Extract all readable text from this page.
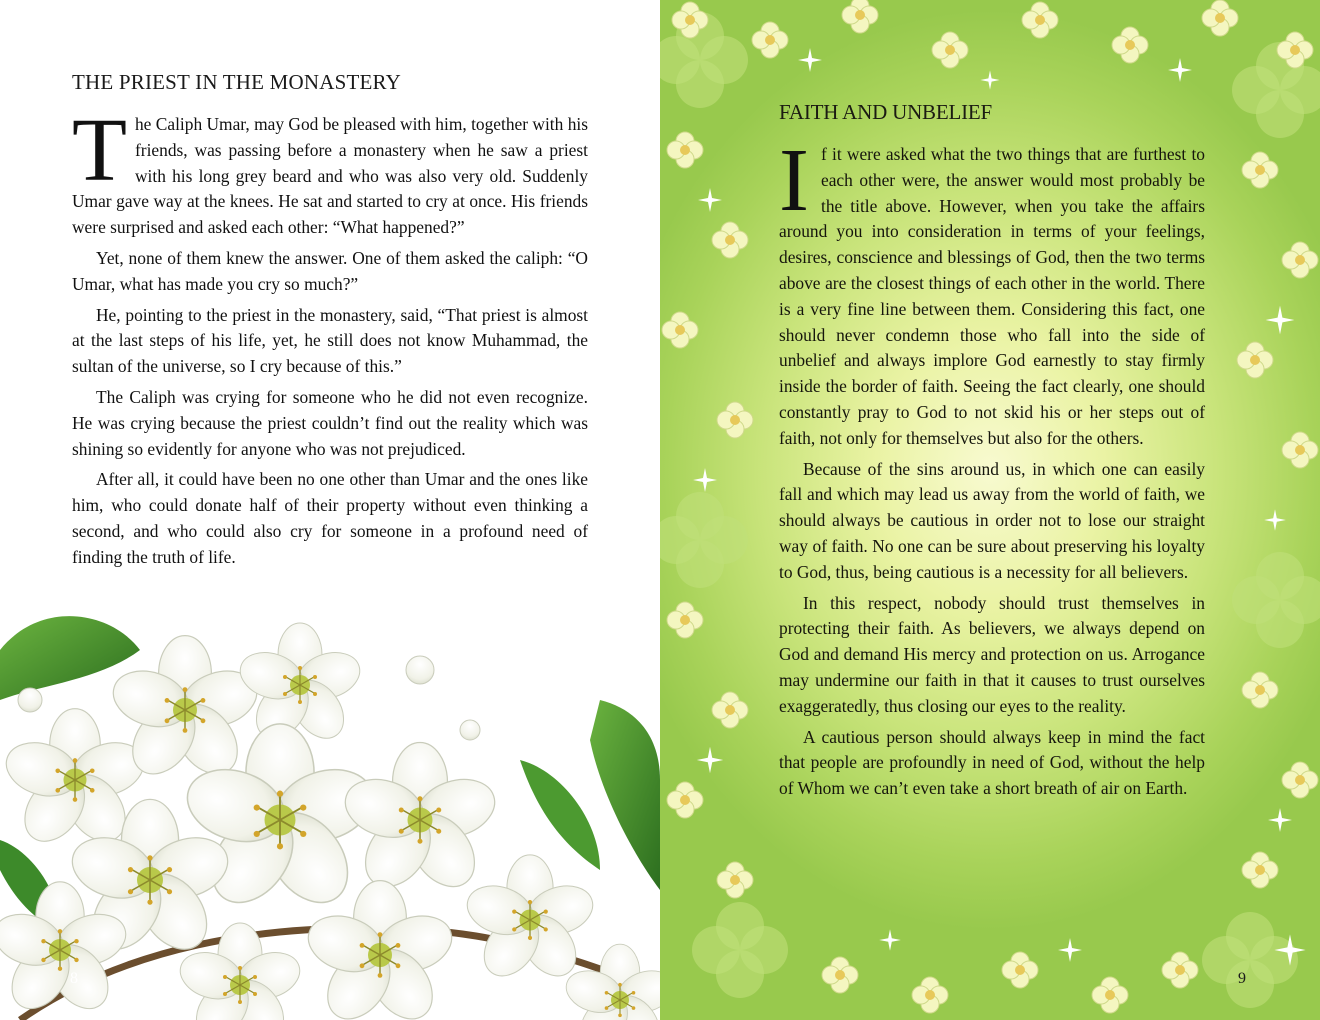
THE PRIEST IN THE MONASTERY

The Caliph Umar, may God be pleased with him, together with his friends, was passing before a monastery when he saw a priest with his long grey beard and who was also very old. Suddenly Umar gave way at the knees. He sat and started to cry at once. His friends were surprised and asked each other: “What happened?”

Yet, none of them knew the answer. One of them asked the caliph: “O Umar, what has made you cry so much?”

He, pointing to the priest in the monastery, said, “That priest is almost at the last steps of his life, yet, he still does not know Muhammad, the sultan of the universe, so I cry because of this.”

The Caliph was crying for someone who he did not even recognize. He was crying because the priest couldn’t find out the reality which was shining so evidently for anyone who was not prejudiced.

After all, it could have been no one other than Umar and the ones like him, who could donate half of their property without even thinking a second, and who could also cry for someone in a profound need of finding the truth of life.

8
FAITH AND UNBELIEF

If it were asked what the two things that are furthest to each other were, the answer would most probably be the title above. However, when you take the affairs around you into consideration in terms of your feelings, desires, conscience and blessings of God, then the two terms above are the closest things of each other in the world. There is a very fine line between them. Considering this fact, one should never condemn those who fall into the side of unbelief and always implore God earnestly to stay firmly inside the border of faith. Seeing the fact clearly, one should constantly pray to God to not skid his or her steps out of faith, not only for themselves but also for the others.

Because of the sins around us, in which one can easily fall and which may lead us away from the world of faith, we should always be cautious in order not to lose our straight way of faith. No one can be sure about preserving his loyalty to God, thus, being cautious is a necessity for all believers.

In this respect, nobody should trust themselves in protecting their faith. As believers, we always depend on God and demand His mercy and protection on us. Arrogance may undermine our faith in that it causes to trust ourselves exaggeratedly, thus closing our eyes to the reality.

A cautious person should always keep in mind the fact that people are profoundly in need of God, without the help of Whom we can’t even take a short breath of air on Earth.

9
